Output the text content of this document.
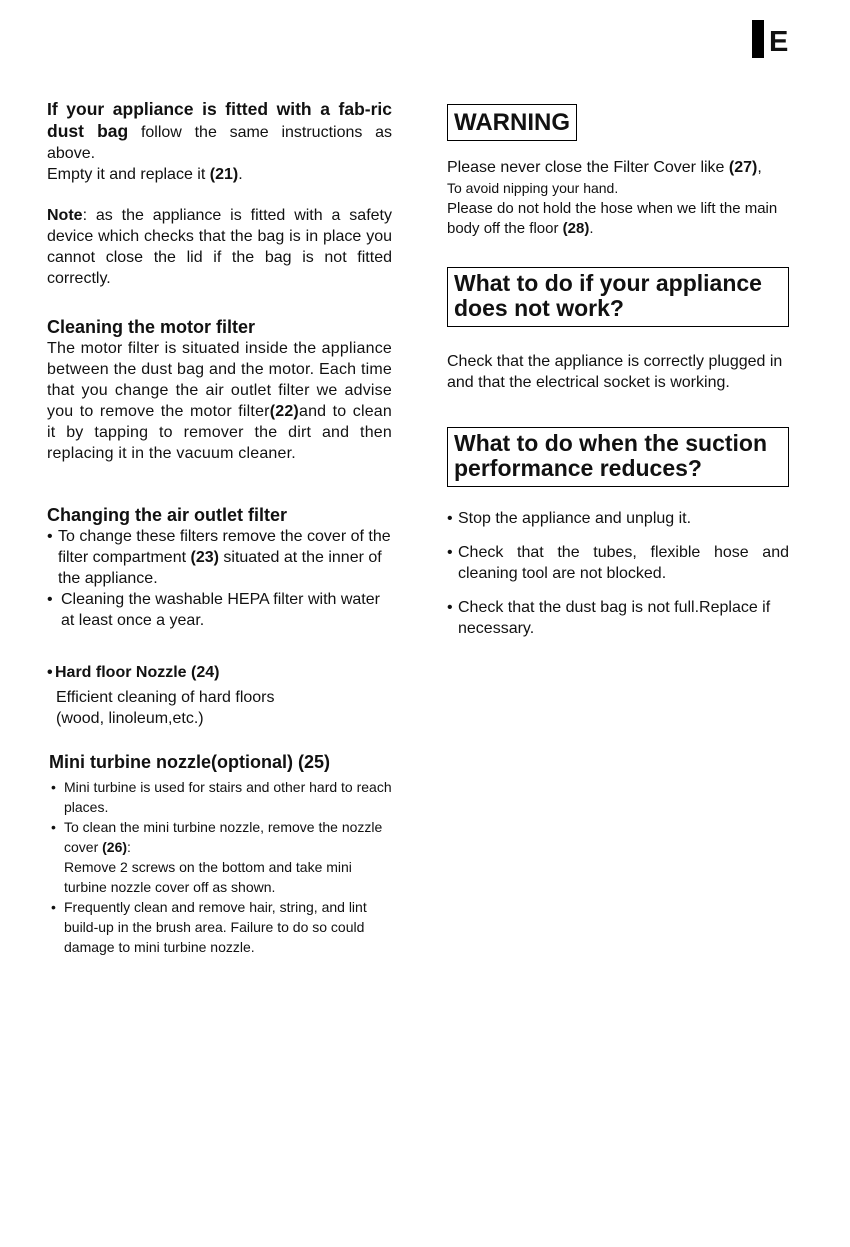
E

If your appliance is fitted with a fab-ric dust bag follow the same instructions as above.

Empty it and replace it (21).

Note: as the appliance is fitted with a safety device which checks that the bag is in place you cannot close the lid if the bag is not fitted correctly.

Cleaning the motor filter

The motor filter is situated inside the appliance between the dust bag and the motor. Each time that you change the air outlet filter we advise you to remove the motor filter(22)and to clean it by tapping to remover the dirt and then replacing it in the vacuum cleaner.

Changing the air outlet filter

• To change these filters remove the cover of the filter compartment (23) situated at the inner of the appliance.

• Cleaning the washable HEPA filter with water at least once a year.

• Hard floor Nozzle (24)

Efficient cleaning of hard floors

(wood, linoleum,etc.)

Mini turbine nozzle(optional) (25)

• Mini turbine is used for stairs and other hard to reach places.

• To clean the mini turbine nozzle, remove the nozzle cover (26):
Remove 2 screws on the bottom and take mini turbine nozzle cover off as shown.

• Frequently clean and remove hair, string, and lint build-up in the brush area. Failure to do so could damage to mini turbine nozzle.

WARNING

Please never close the Filter Cover like (27),

To avoid nipping your hand.

Please do not hold the hose when we lift the main body off the floor (28).

What to do if your appliance does not work?

Check that the appliance is correctly plugged in and that the electrical socket is working.

What to do when the suction performance reduces?

• Stop the appliance and unplug it.

• Check that the tubes, flexible hose and cleaning tool are not blocked.

• Check that the dust bag is not full.Replace if necessary.
